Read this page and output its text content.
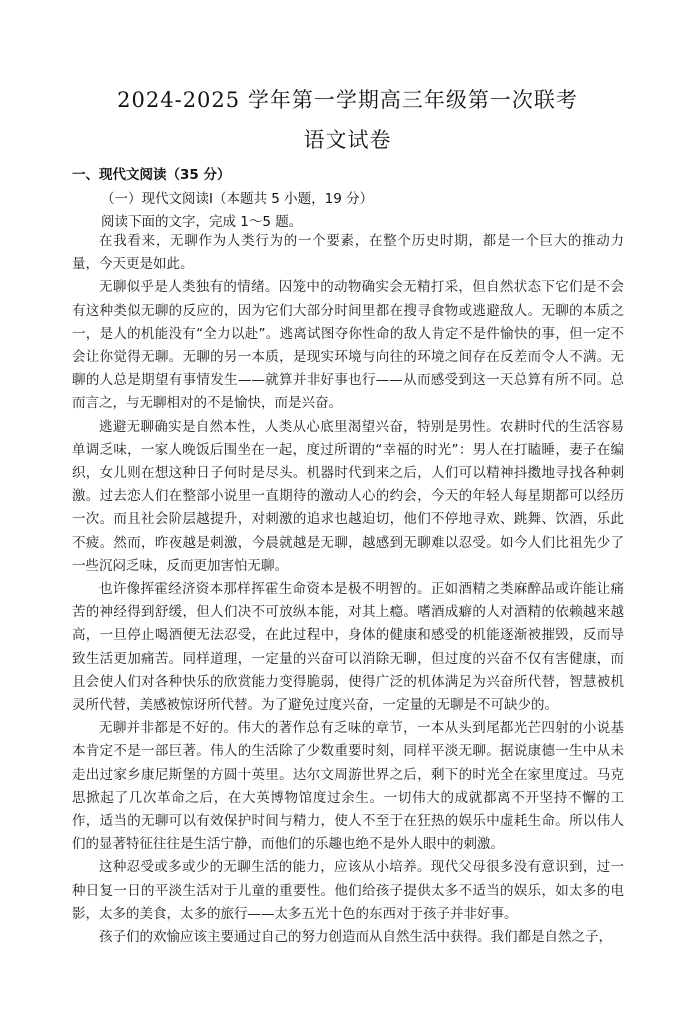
2024-2025 学年第一学期高三年级第一次联考
语文试卷
一、现代文阅读（35 分）
（一）现代文阅读Ⅰ（本题共 5 小题，19 分）
阅读下面的文字，完成 1～5 题。

在我看来，无聊作为人类行为的一个要素，在整个历史时期，都是一个巨大的推动力量，今天更是如此。

无聊似乎是人类独有的情绪。囚笼中的动物确实会无精打采，但自然状态下它们是不会有这种类似无聊的反应的，因为它们大部分时间里都在搜寻食物或逃避敌人。无聊的本质之一，是人的机能没有“全力以赴”。逃离试图夺你性命的敌人肯定不是件愉快的事，但一定不会让你觉得无聊。无聊的另一本质，是现实环境与向往的环境之间存在反差而令人不满。无聊的人总是期望有事情发生——就算并非好事也行——从而感受到这一天总算有所不同。总而言之，与无聊相对的不是愉快，而是兴奋。

逃避无聊确实是自然本性，人类从心底里渴望兴奋，特别是男性。农耕时代的生活容易单调乏味，一家人晚饭后围坐在一起，度过所谓的“幸福的时光”：男人在打瞌睡，妻子在编织，女儿则在想这种日子何时是尽头。机器时代到来之后，人们可以精神抖擞地寻找各种刺激。过去恋人们在整部小说里一直期待的激动人心的约会，今天的年轻人每星期都可以经历一次。而且社会阶层越提升，对刺激的追求也越迫切，他们不停地寻欢、跳舞、饮酒，乐此不疲。然而，昨夜越是刺激，今晨就越是无聊，越感到无聊难以忍受。如今人们比祖先少了一些沉闷乏味，反而更加害怕无聊。

也许像挥霍经济资本那样挥霍生命资本是极不明智的。正如酒精之类麻醉品或许能让痛苦的神经得到舒缓，但人们决不可放纵本能，对其上瘾。嗜酒成癖的人对酒精的依赖越来越高，一旦停止喝酒便无法忍受，在此过程中，身体的健康和感受的机能逐渐被摧毁，反而导致生活更加痛苦。同样道理，一定量的兴奋可以消除无聊，但过度的兴奋不仅有害健康，而且会使人们对各种快乐的欣赏能力变得脆弱，使得广泛的机体满足为兴奋所代替，智慧被机灵所代替，美感被惊讶所代替。为了避免过度兴奋，一定量的无聊是不可缺少的。

无聊并非都是不好的。伟大的著作总有乏味的章节，一本从头到尾都光芒四射的小说基本肯定不是一部巨著。伟人的生活除了少数重要时刻，同样平淡无聊。据说康德一生中从未走出过家乡康尼斯堡的方圆十英里。达尔文周游世界之后，剩下的时光全在家里度过。马克思掀起了几次革命之后，在大英博物馆度过余生。一切伟大的成就都离不开坚持不懈的工作，适当的无聊可以有效保护时间与精力，使人不至于在狂热的娱乐中虚耗生命。所以伟人们的显著特征往往是生活宁静，而他们的乐趣也绝不是外人眼中的刺激。

这种忍受或多或少的无聊生活的能力，应该从小培养。现代父母很多没有意识到，过一种日复一日的平淡生活对于儿童的重要性。他们给孩子提供太多不适当的娱乐，如太多的电影，太多的美食，太多的旅行——太多五光十色的东西对于孩子并非好事。

孩子们的欢愉应该主要通过自己的努力创造而从自然生活中获得。我们都是自然之子，
